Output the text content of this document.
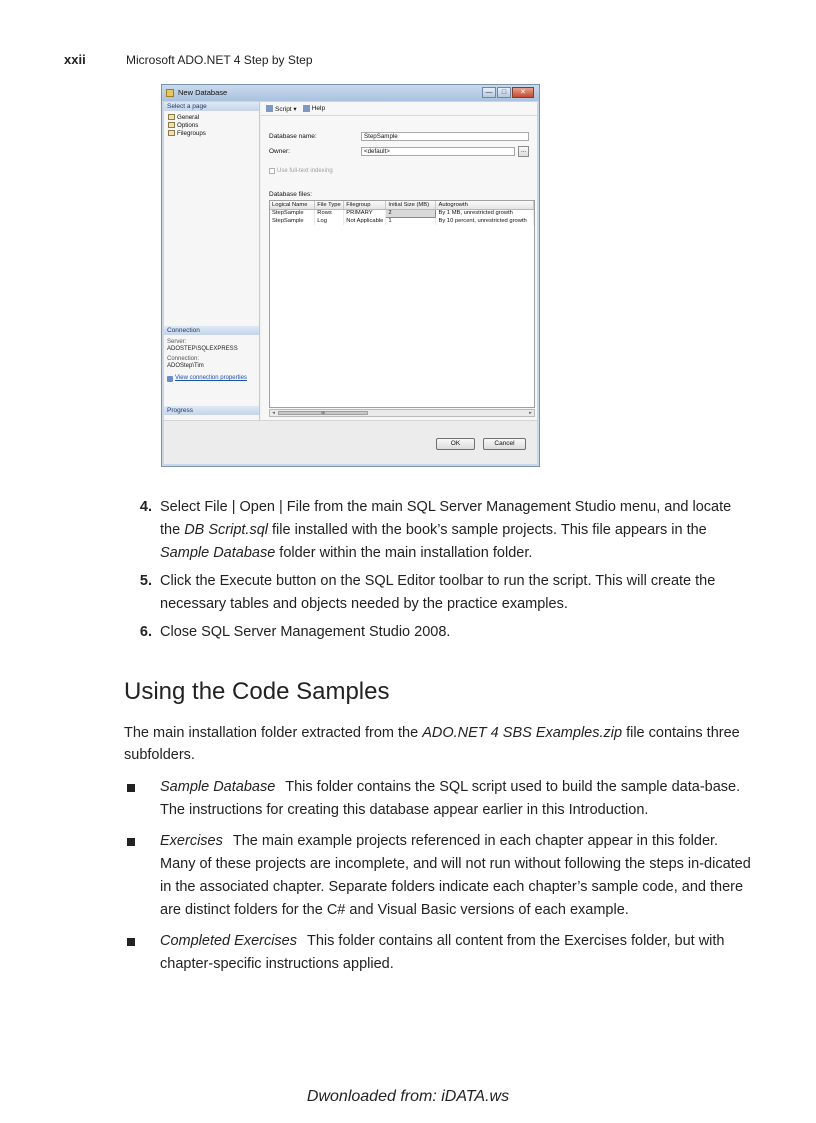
xxii	Microsoft ADO.NET 4 Step by Step
New Database	—	□	✕
Select a page
General
Options
Filegroups
Connection
Server:
ADOSTEP\SQLEXPRESS
Connection:
ADOStep\Tim
View connection properties
Progress
Script ▾	Help
Database name:	StepSample
Owner:	<default>	...
Use full-text indexing
Database files:
Logical Name	File Type	Filegroup	Initial Size (MB)	Autogrowth
StepSample	Rows	PRIMARY	2	By 1 MB, unrestricted growth
StepSample	Log	Not Applicable	1	By 10 percent, unrestricted growth
◂	III	▸
OK	Cancel
4. Select File | Open | File from the main SQL Server Management Studio menu, and locate the DB Script.sql file installed with the book’s sample projects. This file appears in the Sample Database folder within the main installation folder.
5. Click the Execute button on the SQL Editor toolbar to run the script. This will create the necessary tables and objects needed by the practice examples.
6. Close SQL Server Management Studio 2008.
Using the Code Samples
The main installation folder extracted from the ADO.NET 4 SBS Examples.zip file contains three subfolders.
Sample Database This folder contains the SQL script used to build the sample data-base. The instructions for creating this database appear earlier in this Introduction.
Exercises The main example projects referenced in each chapter appear in this folder. Many of these projects are incomplete, and will not run without following the steps in-dicated in the associated chapter. Separate folders indicate each chapter’s sample code, and there are distinct folders for the C# and Visual Basic versions of each example.
Completed Exercises This folder contains all content from the Exercises folder, but with chapter-specific instructions applied.
Dwonloaded from: iDATA.ws
